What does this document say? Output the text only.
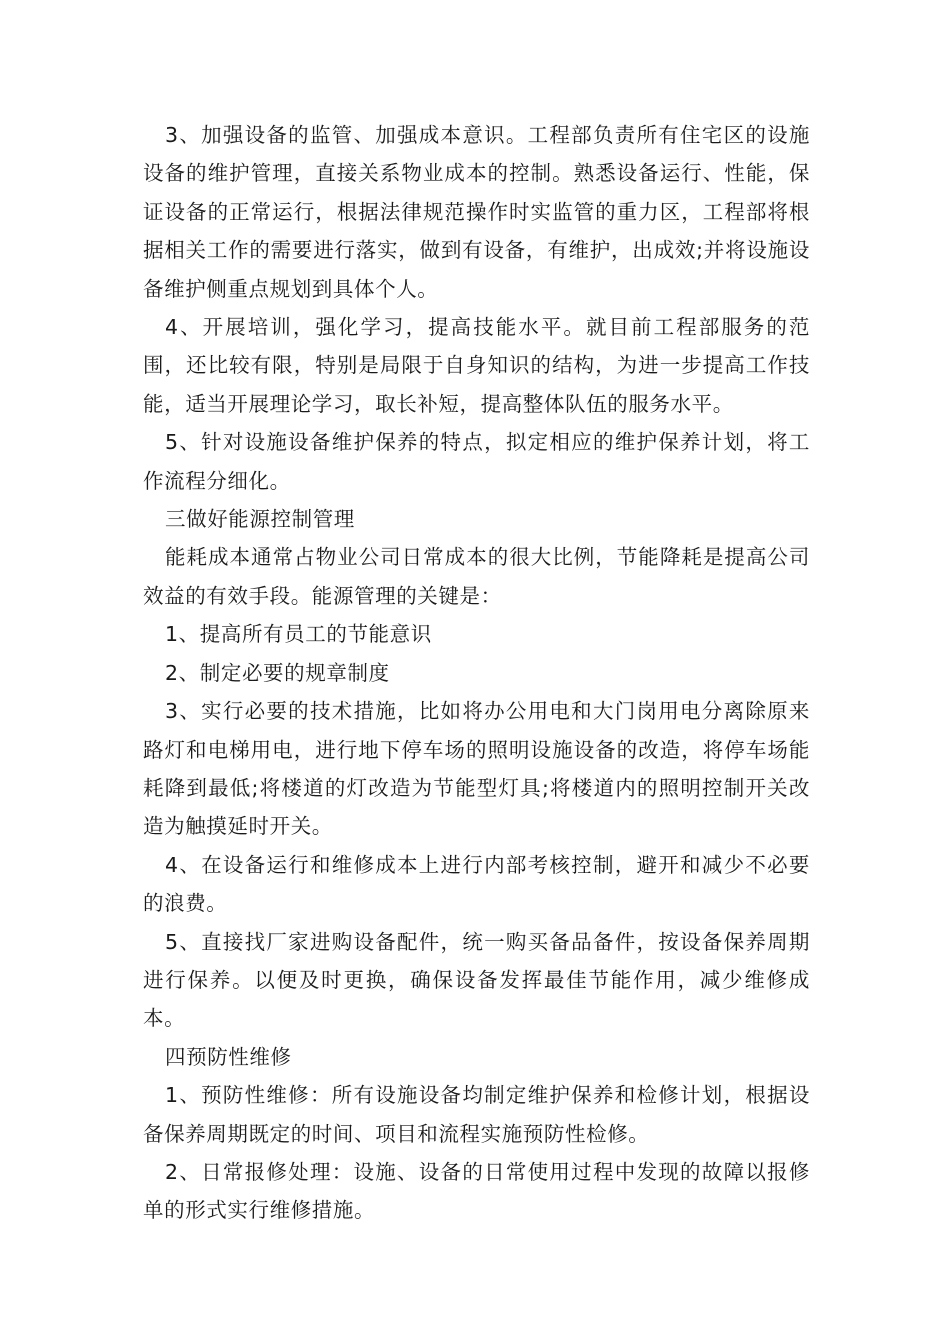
3、加强设备的监管、加强成本意识。工程部负责所有住宅区的设施设备的维护管理，直接关系物业成本的控制。熟悉设备运行、性能，保证设备的正常运行，根据法律规范操作时实监管的重力区，工程部将根据相关工作的需要进行落实，做到有设备，有维护，出成效;并将设施设备维护侧重点规划到具体个人。

4、开展培训，强化学习，提高技能水平。就目前工程部服务的范围，还比较有限，特别是局限于自身知识的结构，为进一步提高工作技能，适当开展理论学习，取长补短，提高整体队伍的服务水平。

5、针对设施设备维护保养的特点，拟定相应的维护保养计划，将工作流程分细化。

三做好能源控制管理

能耗成本通常占物业公司日常成本的很大比例，节能降耗是提高公司效益的有效手段。能源管理的关键是：

1、提高所有员工的节能意识

2、制定必要的规章制度

3、实行必要的技术措施，比如将办公用电和大门岗用电分离除原来路灯和电梯用电，进行地下停车场的照明设施设备的改造，将停车场能耗降到最低;将楼道的灯改造为节能型灯具;将楼道内的照明控制开关改造为触摸延时开关。

4、在设备运行和维修成本上进行内部考核控制，避开和减少不必要的浪费。

5、直接找厂家进购设备配件，统一购买备品备件，按设备保养周期进行保养。以便及时更换，确保设备发挥最佳节能作用，减少维修成本。

四预防性维修

1、预防性维修：所有设施设备均制定维护保养和检修计划，根据设备保养周期既定的时间、项目和流程实施预防性检修。

2、日常报修处理：设施、设备的日常使用过程中发现的故障以报修单的形式实行维修措施。
